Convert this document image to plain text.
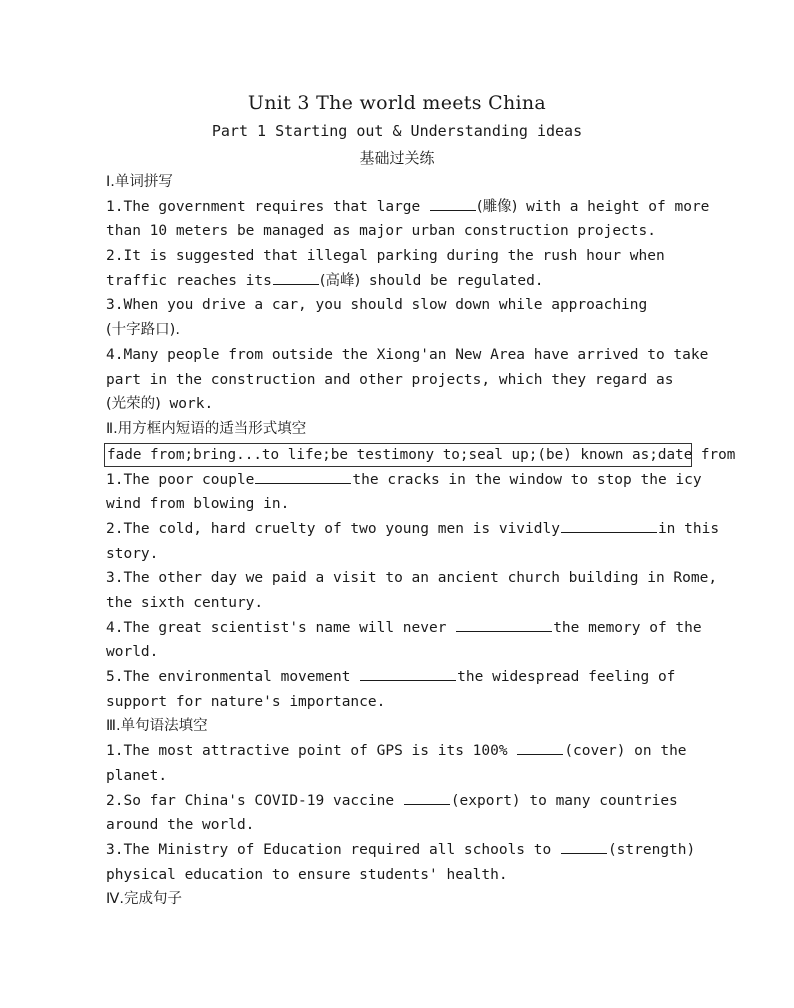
Unit 3 The world meets China
Part 1 Starting out & Understanding ideas
基础过关练
Ⅰ.单词拼写
1.The government requires that large	(雕像) with a height of more
than 10 meters be managed as major urban construction projects.
2.It is suggested that illegal parking during the rush hour when
traffic reaches its	(高峰) should be regulated.
3.When you drive a car, you should slow down while approaching
(十字路口).
4.Many people from outside the Xiong'an New Area have arrived to take
part in the construction and other projects, which they regard as
(光荣的) work.
Ⅱ.用方框内短语的适当形式填空
fade from;bring...to life;be testimony to;seal up;(be) known as;date from
1.The poor couple	the cracks in the window to stop the icy
wind from blowing in.
2.The cold, hard cruelty of two young men is vividly	in this
story.
3.The other day we paid a visit to an ancient church building in Rome,
the sixth century.
4.The great scientist's name will never	the memory of the
world.
5.The environmental movement	the widespread feeling of
support for nature's importance.
Ⅲ.单句语法填空
1.The most attractive point of GPS is its 100%	(cover) on the
planet.
2.So far China's COVID-19 vaccine	(export) to many countries
around the world.
3.The Ministry of Education required all schools to	(strength)
physical education to ensure students' health.
Ⅳ.完成句子
